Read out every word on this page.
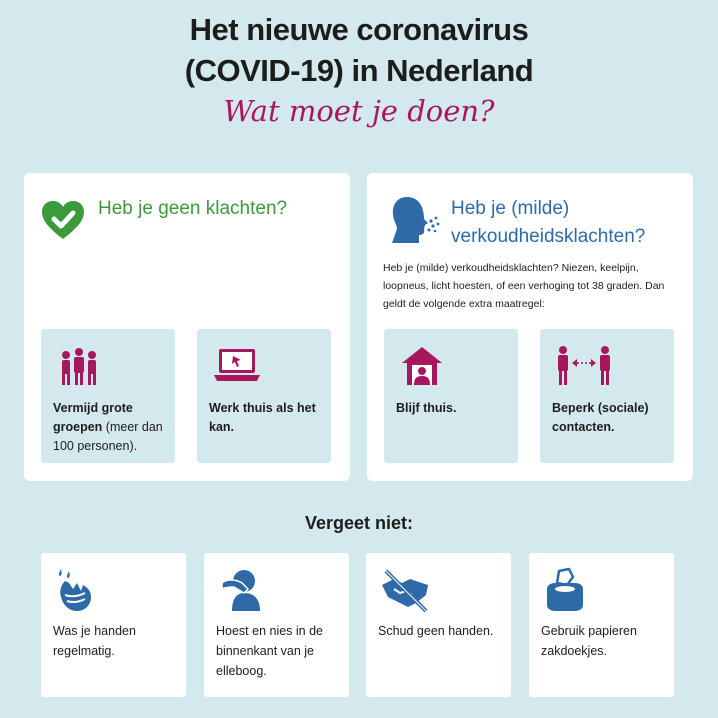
Het nieuwe coronavirus
(COVID-19) in Nederland
Wat moet je doen?
Heb je geen klachten?
Vermijd grote groepen (meer dan 100 personen).
Werk thuis als het kan.
Heb je (milde) verkoudheidsklachten?
Heb je (milde) verkoudheidsklachten? Niezen, keelpijn, loopneus, licht hoesten, of een verhoging tot 38 graden. Dan geldt de volgende extra maatregel:
Blijf thuis.	Beperk (sociale) contacten.
Vergeet niet:
Was je handen regelmatig.
Hoest en nies in de binnenkant van je elleboog.
Schud geen handen.	Gebruik papieren zakdoekjes.
